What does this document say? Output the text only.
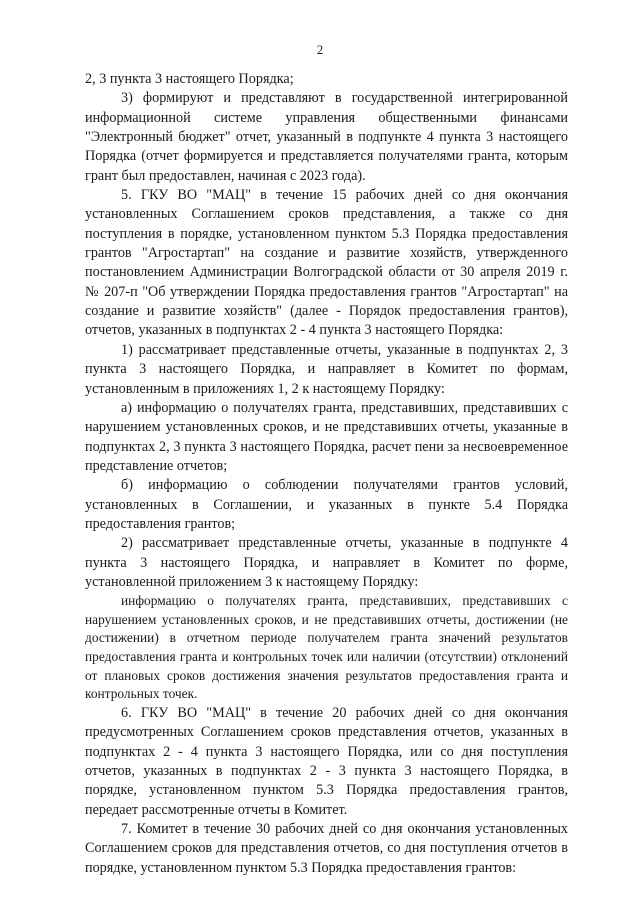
2

2, 3 пункта 3 настоящего Порядка;

3) формируют и представляют в государственной интегрированной информационной системе управления общественными финансами "Электронный бюджет" отчет, указанный в подпункте 4 пункта 3 настоящего Порядка (отчет формируется и представляется получателями гранта, которым грант был предоставлен, начиная с 2023 года).

5. ГКУ ВО "МАЦ" в течение 15 рабочих дней со дня окончания установленных Соглашением сроков представления, а также со дня поступления в порядке, установленном пунктом 5.3 Порядка предоставления грантов "Агростартап" на создание и развитие хозяйств, утвержденного постановлением Администрации Волгоградской области от 30 апреля 2019 г. № 207-п "Об утверждении Порядка предоставления грантов "Агростартап" на создание и развитие хозяйств" (далее - Порядок предоставления грантов), отчетов, указанных в подпунктах 2 - 4 пункта 3 настоящего Порядка:

1) рассматривает представленные отчеты, указанные в подпунктах 2, 3 пункта 3 настоящего Порядка, и направляет в Комитет по формам, установленным в приложениях 1, 2 к настоящему Порядку:

а) информацию о получателях гранта, представивших, представивших с нарушением установленных сроков, и не представивших отчеты, указанные в подпунктах 2, 3 пункта 3 настоящего Порядка, расчет пени за несвоевременное представление отчетов;

б) информацию о соблюдении получателями грантов условий, установленных в Соглашении, и указанных в пункте 5.4 Порядка предоставления грантов;

2) рассматривает представленные отчеты, указанные в подпункте 4 пункта 3 настоящего Порядка, и направляет в Комитет по форме, установленной приложением 3 к настоящему Порядку:

информацию о получателях гранта, представивших, представивших с нарушением установленных сроков, и не представивших отчеты, достижении (не достижении) в отчетном периоде получателем гранта значений результатов предоставления гранта и контрольных точек или наличии (отсутствии) отклонений от плановых сроков достижения значения результатов предоставления гранта и контрольных точек.

6. ГКУ ВО "МАЦ" в течение 20 рабочих дней со дня окончания предусмотренных Соглашением сроков представления отчетов, указанных в подпунктах 2 - 4 пункта 3 настоящего Порядка, или со дня поступления отчетов, указанных в подпунктах 2 - 3 пункта 3 настоящего Порядка, в порядке, установленном пунктом 5.3 Порядка предоставления грантов, передает рассмотренные отчеты в Комитет.

7. Комитет в течение 30 рабочих дней со дня окончания установленных Соглашением сроков для представления отчетов, со дня поступления отчетов в порядке, установленном пунктом 5.3 Порядка предоставления грантов:
